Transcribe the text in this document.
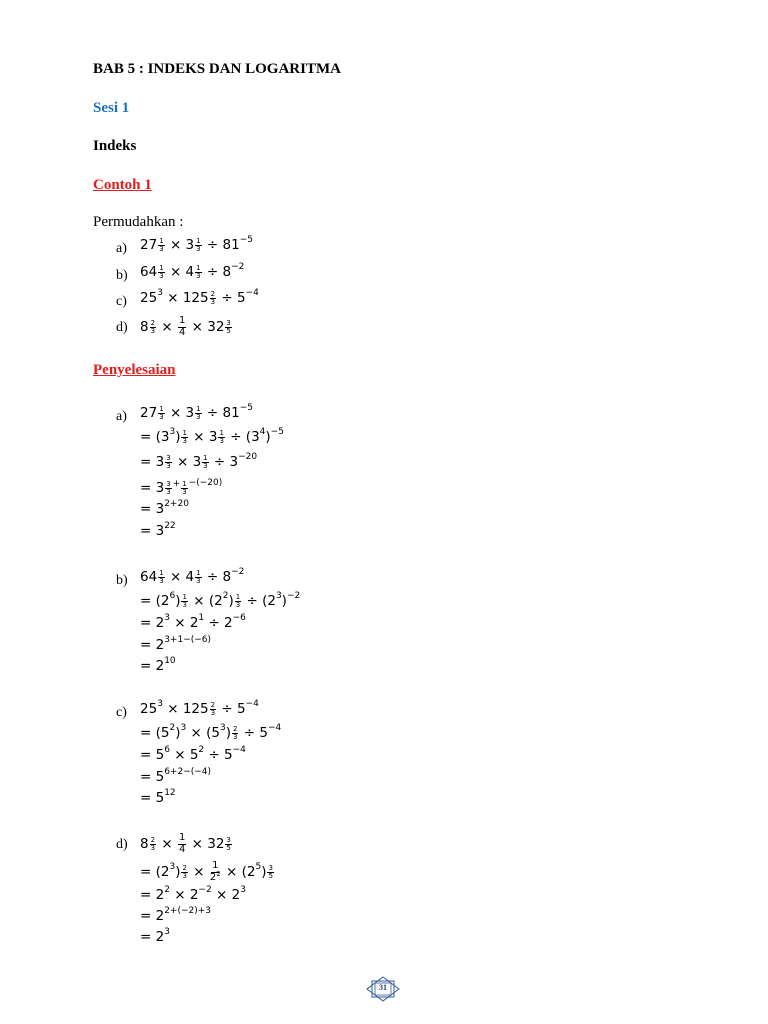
BAB 5 : INDEKS DAN LOGARITMA
Sesi 1
Indeks
Contoh 1
Permudahkan :
a) $27 \frac{1}{3} \times 3 \frac{1}{3} \div 81^{-5}$
b) $64 \frac{1}{3} \times 4 \frac{1}{3} \div 8^{-2}$
c) $25^3 \times 125 \frac{2}{3} \div 5^{-4}$
d) $8 \frac{2}{3} \times \frac{1}{4} \times 32 \frac{3}{5}$
Penyelesaian
a) $27 \frac{1}{3} \times 3 \frac{1}{3} \div 81^{-5}$
= $(3^3) \frac{1}{3} \times 3 \frac{1}{3} \div (3^4)^{-5}$
= $3 \frac{3}{3} \times 3 \frac{1}{3} \div 3^{-20}$
= $3 \frac{3}{3} ^+ \frac{1}{3} ^{-(-20)}$
= $3^{2+20}$
= $3^{22}$
b) $64 \frac{1}{3} \times 4 \frac{1}{3} \div 8^{-2}$
= $(2^6) \frac{1}{3} \times (2^2) \frac{1}{3} \div (2^3)^{-2}$
= $2^3 \times 2^1 \div 2^{-6}$
= $2^{3+1-(-6)}$
= $2^{10}$
c) $25^3 \times 125 \frac{2}{3} \div 5^{-4}$
= $(5^2)^3 \times (5^3) \frac{2}{3} \div 5^{-4}$
= $5^6 \times 5^2 \div 5^{-4}$
= $5^{6+2-(-4)}$
= $5^{12}$
d) $8 \frac{2}{3} \times \frac{1}{4} \times 32 \frac{3}{5}$
= $(2^3) \frac{2}{3} \times \frac{1}{2^2} \times (2^5) \frac{3}{5}$
= $2^2 \times 2^{-2} \times 2^3$
= $2^{2+(-2)+3}$
= $2^3$
31
